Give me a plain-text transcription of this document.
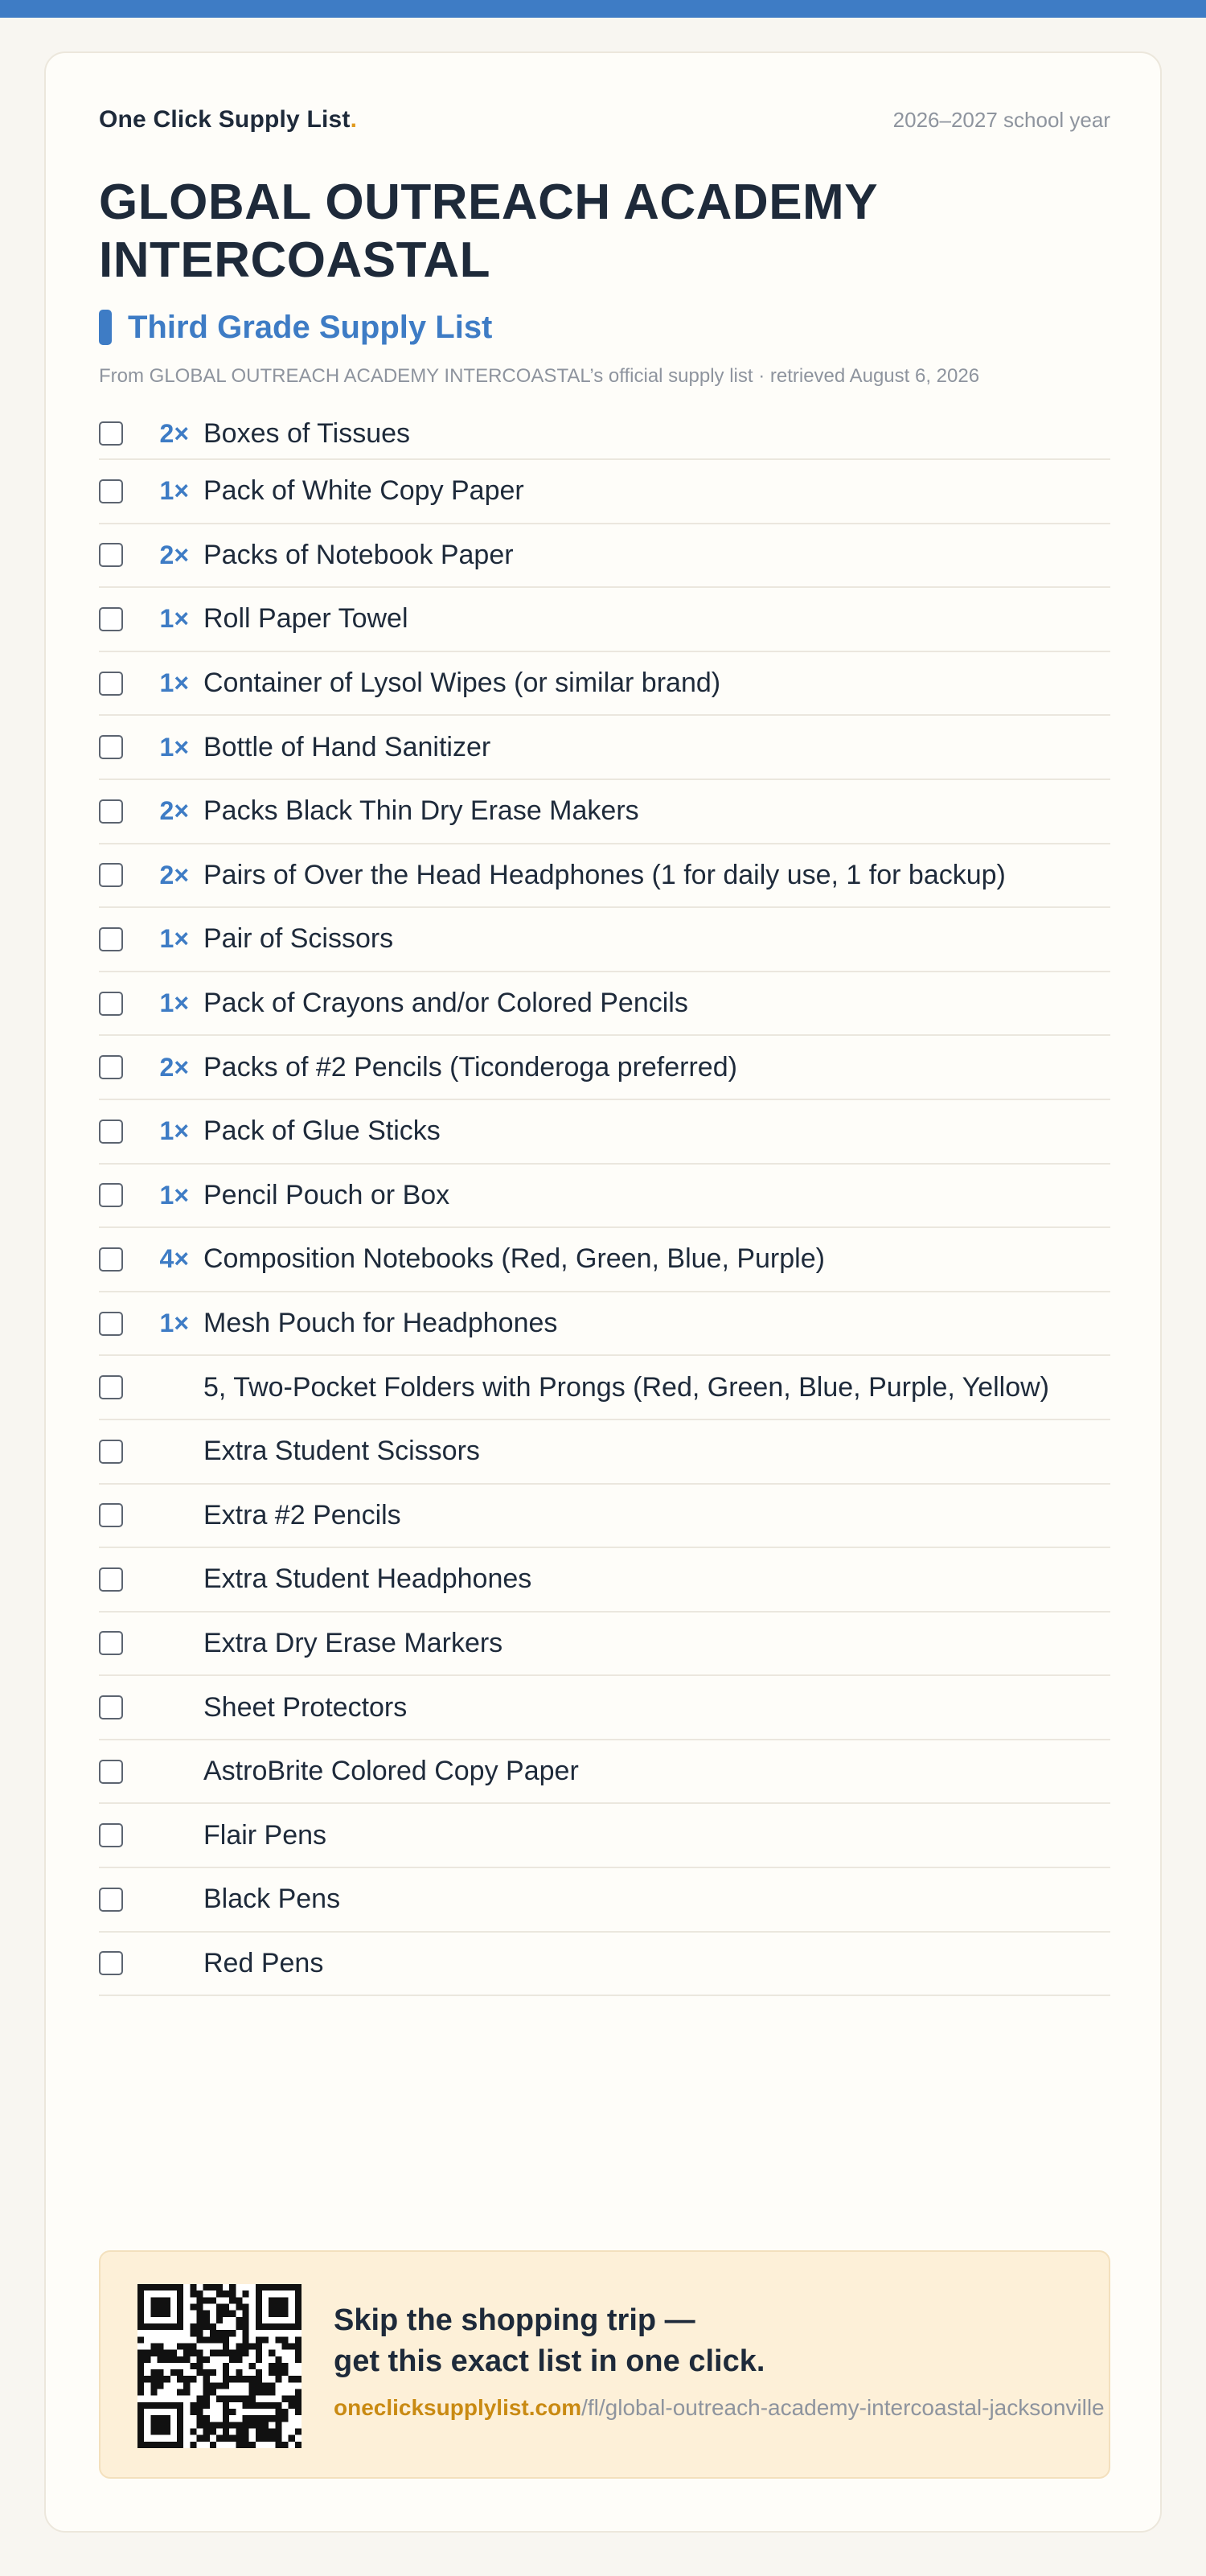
One Click Supply List.	2026–2027 school year
GLOBAL OUTREACH ACADEMY INTERCOASTAL
Third Grade Supply List

From GLOBAL OUTREACH ACADEMY INTERCOASTAL’s official supply list · retrieved August 6, 2026

2× Boxes of Tissues
1× Pack of White Copy Paper
2× Packs of Notebook Paper
1× Roll Paper Towel
1× Container of Lysol Wipes (or similar brand)
1× Bottle of Hand Sanitizer
2× Packs Black Thin Dry Erase Makers
2× Pairs of Over the Head Headphones (1 for daily use, 1 for backup)
1× Pair of Scissors
1× Pack of Crayons and/or Colored Pencils
2× Packs of #2 Pencils (Ticonderoga preferred)
1× Pack of Glue Sticks
1× Pencil Pouch or Box
4× Composition Notebooks (Red, Green, Blue, Purple)
1× Mesh Pouch for Headphones
5, Two-Pocket Folders with Prongs (Red, Green, Blue, Purple, Yellow)
Extra Student Scissors
Extra #2 Pencils
Extra Student Headphones
Extra Dry Erase Markers
Sheet Protectors
AstroBrite Colored Copy Paper
Flair Pens
Black Pens
Red Pens
Skip the shopping trip —
get this exact list in one click.
oneclicksupplylist.com/fl/global-outreach-academy-intercoastal-jacksonville
